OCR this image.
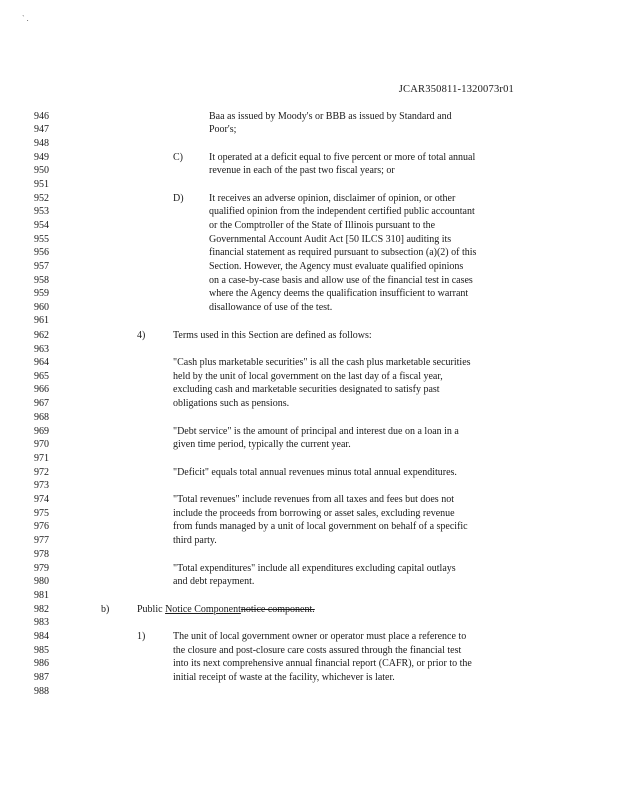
` .
JCAR350811-1320073r01
946
947
948
949
950
951
952
953
954
955
956
957
958
959
960
961
962
963
964
965
966
967
968
969
970
971
972
973
974
975
976
977
978
979
980
981
982
983
984
985
986
987
988
Baa as issued by Moody's or BBB as issued by Standard and
Poor's;
C)	It operated at a deficit equal to five percent or more of total annual
revenue in each of the past two fiscal years; or
D)	It receives an adverse opinion, disclaimer of opinion, or other
qualified opinion from the independent certified public accountant
or the Comptroller of the State of Illinois pursuant to the
Governmental Account Audit Act [50 ILCS 310] auditing its
financial statement as required pursuant to subsection (a)(2) of this
Section. However, the Agency must evaluate qualified opinions
on a case-by-case basis and allow use of the financial test in cases
where the Agency deems the qualification insufficient to warrant
disallowance of use of the test.
4)	Terms used in this Section are defined as follows:
"Cash plus marketable securities" is all the cash plus marketable securities
held by the unit of local government on the last day of a fiscal year,
excluding cash and marketable securities designated to satisfy past
obligations such as pensions.
"Debt service" is the amount of principal and interest due on a loan in a
given time period, typically the current year.
"Deficit" equals total annual revenues minus total annual expenditures.
"Total revenues" include revenues from all taxes and fees but does not
include the proceeds from borrowing or asset sales, excluding revenue
from funds managed by a unit of local government on behalf of a specific
third party.
"Total expenditures" include all expenditures excluding capital outlays
and debt repayment.
b)	Public Notice Componentnotice component.
1)	The unit of local government owner or operator must place a reference to
the closure and post-closure care costs assured through the financial test
into its next comprehensive annual financial report (CAFR), or prior to the
initial receipt of waste at the facility, whichever is later.
